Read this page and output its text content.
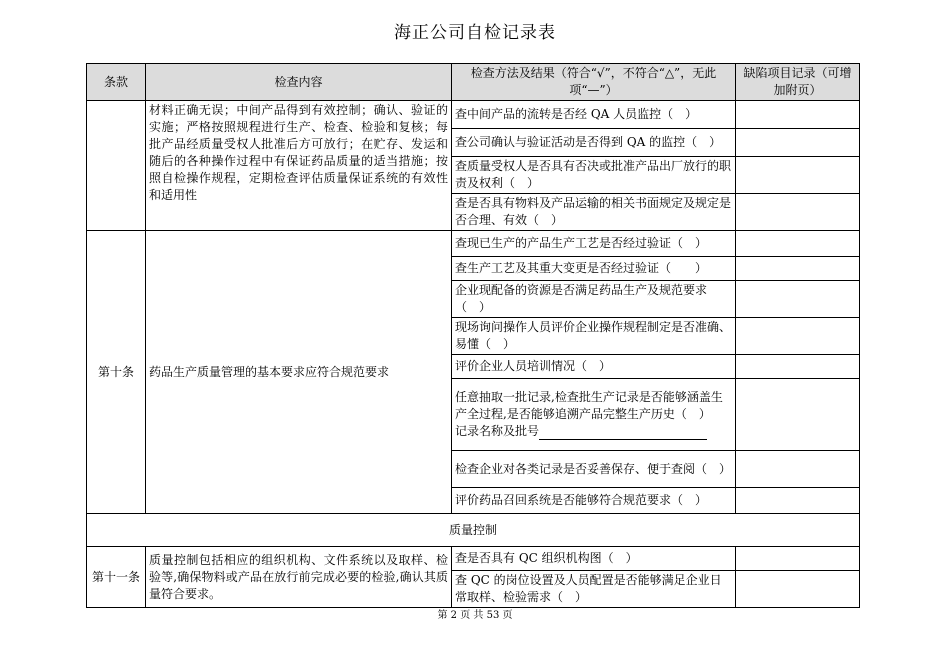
海正公司自检记录表
条款	检查内容	检查方法及结果（符合“√”，不符合“△”，无此项“—”）	缺陷项目记录（可增加附页）
	材料正确无误；中间产品得到有效控制；确认、验证的实施；严格按照规程进行生产、检查、检验和复核；每批产品经质量受权人批准后方可放行；在贮存、发运和随后的各种操作过程中有保证药品质量的适当措施；按照自检操作规程，定期检查评估质量保证系统的有效性和适用性	查中间产品的流转是否经 QA 人员监控（　）	
		查公司确认与验证活动是否得到 QA 的监控（　）	
		查质量受权人是否具有否决或批准产品出厂放行的职责及权利（　）	
		查是否具有物料及产品运输的相关书面规定及规定是否合理、有效（　）	
第十条	药品生产质量管理的基本要求应符合规范要求	查现已生产的产品生产工艺是否经过验证（　）	
		查生产工艺及其重大变更是否经过验证（　　）	
		企业现配备的资源是否满足药品生产及规范要求（　）	
		现场询问操作人员评价企业操作规程制定是否准确、易懂（　）	
		评价企业人员培训情况（　）	
		任意抽取一批记录,检查批生产记录是否能够涵盖生产全过程,是否能够追溯产品完整生产历史（　）
记录名称及批号	
		检查企业对各类记录是否妥善保存、便于查阅（　）	
		评价药品召回系统是否能够符合规范要求（　）	
质量控制			
第十一条	质量控制包括相应的组织机构、文件系统以及取样、检验等,确保物料或产品在放行前完成必要的检验,确认其质量符合要求。	查是否具有 QC 组织机构图（　）	
		查 QC 的岗位设置及人员配置是否能够满足企业日常取样、检验需求（　）	
第 2 页 共 53 页
